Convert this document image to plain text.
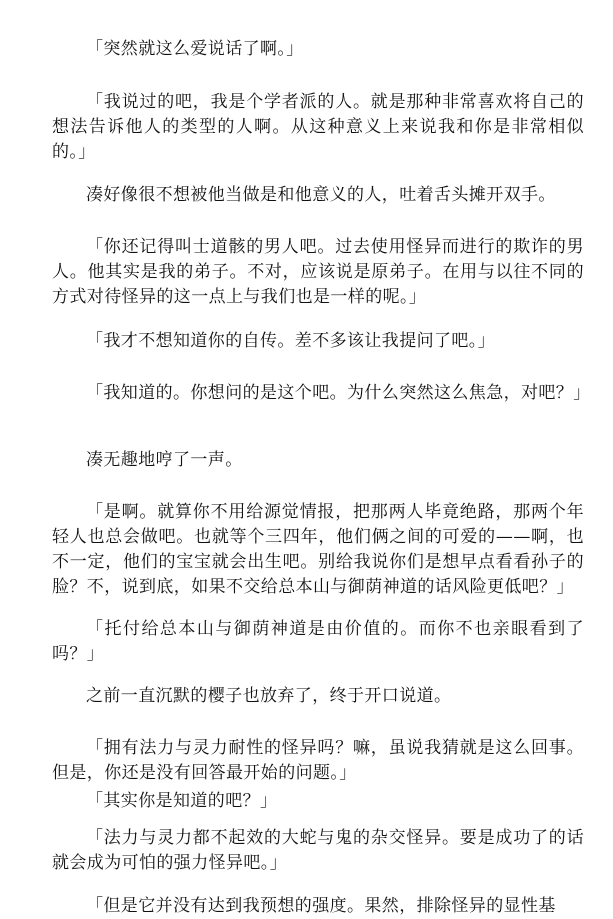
「突然就这么爱说话了啊。」

「我说过的吧，我是个学者派的人。就是那种非常喜欢将自己的想法告诉他人的类型的人啊。从这种意义上来说我和你是非常相似的。」

凑好像很不想被他当做是和他意义的人，吐着舌头摊开双手。

「你还记得叫士道骸的男人吧。过去使用怪异而进行的欺诈的男人。他其实是我的弟子。不对，应该说是原弟子。在用与以往不同的方式对待怪异的这一点上与我们也是一样的呢。」

「我才不想知道你的自传。差不多该让我提问了吧。」

「我知道的。你想问的是这个吧。为什么突然这么焦急，对吧？」

凑无趣地哼了一声。

「是啊。就算你不用给源觉情报，把那两人毕竟绝路，那两个年轻人也总会做吧。也就等个三四年，他们俩之间的可爱的——啊，也不一定，他们的宝宝就会出生吧。别给我说你们是想早点看看孙子的脸？不，说到底，如果不交给总本山与御荫神道的话风险更低吧？」

「托付给总本山与御荫神道是由价值的。而你不也亲眼看到了吗？」

之前一直沉默的樱子也放弃了，终于开口说道。

「拥有法力与灵力耐性的怪异吗？嘛，虽说我猜就是这么回事。但是，你还是没有回答最开始的问题。」

「其实你是知道的吧？」

「法力与灵力都不起效的大蛇与鬼的杂交怪异。要是成功了的话就会成为可怕的强力怪异吧。」

「但是它并没有达到我预想的强度。果然，排除怪异的显性基
